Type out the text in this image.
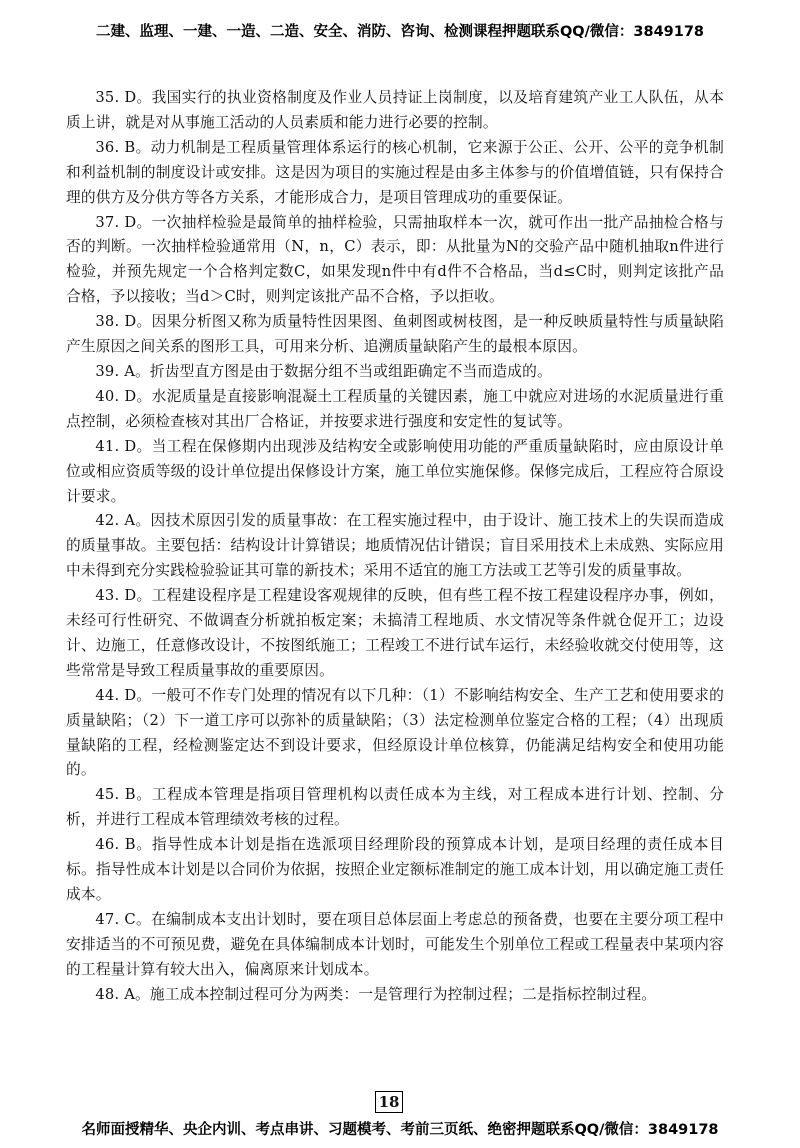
二建、监理、一建、一造、二造、安全、消防、咨询、检测课程押题联系QQ/微信：3849178

35. D。我国实行的执业资格制度及作业人员持证上岗制度，以及培育建筑产业工人队伍，从本质上讲，就是对从事施工活动的人员素质和能力进行必要的控制。

36. B。动力机制是工程质量管理体系运行的核心机制，它来源于公正、公开、公平的竞争机制和利益机制的制度设计或安排。这是因为项目的实施过程是由多主体参与的价值增值链，只有保持合理的供方及分供方等各方关系，才能形成合力，是项目管理成功的重要保证。

37. D。一次抽样检验是最简单的抽样检验，只需抽取样本一次，就可作出一批产品抽检合格与否的判断。一次抽样检验通常用（N，n，C）表示，即：从批量为N的交验产品中随机抽取n件进行检验，并预先规定一个合格判定数C，如果发现n件中有d件不合格品，当d≤C时，则判定该批产品合格，予以接收；当d＞C时，则判定该批产品不合格，予以拒收。

38. D。因果分析图又称为质量特性因果图、鱼刺图或树枝图，是一种反映质量特性与质量缺陷产生原因之间关系的图形工具，可用来分析、追溯质量缺陷产生的最根本原因。

39. A。折齿型直方图是由于数据分组不当或组距确定不当而造成的。

40. D。水泥质量是直接影响混凝土工程质量的关键因素，施工中就应对进场的水泥质量进行重点控制，必须检查核对其出厂合格证，并按要求进行强度和安定性的复试等。

41. D。当工程在保修期内出现涉及结构安全或影响使用功能的严重质量缺陷时，应由原设计单位或相应资质等级的设计单位提出保修设计方案，施工单位实施保修。保修完成后，工程应符合原设计要求。

42. A。因技术原因引发的质量事故：在工程实施过程中，由于设计、施工技术上的失误而造成的质量事故。主要包括：结构设计计算错误；地质情况估计错误；盲目采用技术上未成熟、实际应用中未得到充分实践检验验证其可靠的新技术；采用不适宜的施工方法或工艺等引发的质量事故。

43. D。工程建设程序是工程建设客观规律的反映，但有些工程不按工程建设程序办事，例如，未经可行性研究、不做调查分析就拍板定案；未搞清工程地质、水文情况等条件就仓促开工；边设计、边施工，任意修改设计，不按图纸施工；工程竣工不进行试车运行，未经验收就交付使用等，这些常常是导致工程质量事故的重要原因。

44. D。一般可不作专门处理的情况有以下几种：（1）不影响结构安全、生产工艺和使用要求的质量缺陷；（2）下一道工序可以弥补的质量缺陷；（3）法定检测单位鉴定合格的工程；（4）出现质量缺陷的工程，经检测鉴定达不到设计要求，但经原设计单位核算，仍能满足结构安全和使用功能的。

45. B。工程成本管理是指项目管理机构以责任成本为主线，对工程成本进行计划、控制、分析，并进行工程成本管理绩效考核的过程。

46. B。指导性成本计划是指在选派项目经理阶段的预算成本计划，是项目经理的责任成本目标。指导性成本计划是以合同价为依据，按照企业定额标准制定的施工成本计划，用以确定施工责任成本。

47. C。在编制成本支出计划时，要在项目总体层面上考虑总的预备费，也要在主要分项工程中安排适当的不可预见费，避免在具体编制成本计划时，可能发生个别单位工程或工程量表中某项内容的工程量计算有较大出入，偏离原来计划成本。

48. A。施工成本控制过程可分为两类：一是管理行为控制过程；二是指标控制过程。

18
名师面授精华、央企内训、考点串讲、习题模考、考前三页纸、绝密押题联系QQ/微信：3849178
